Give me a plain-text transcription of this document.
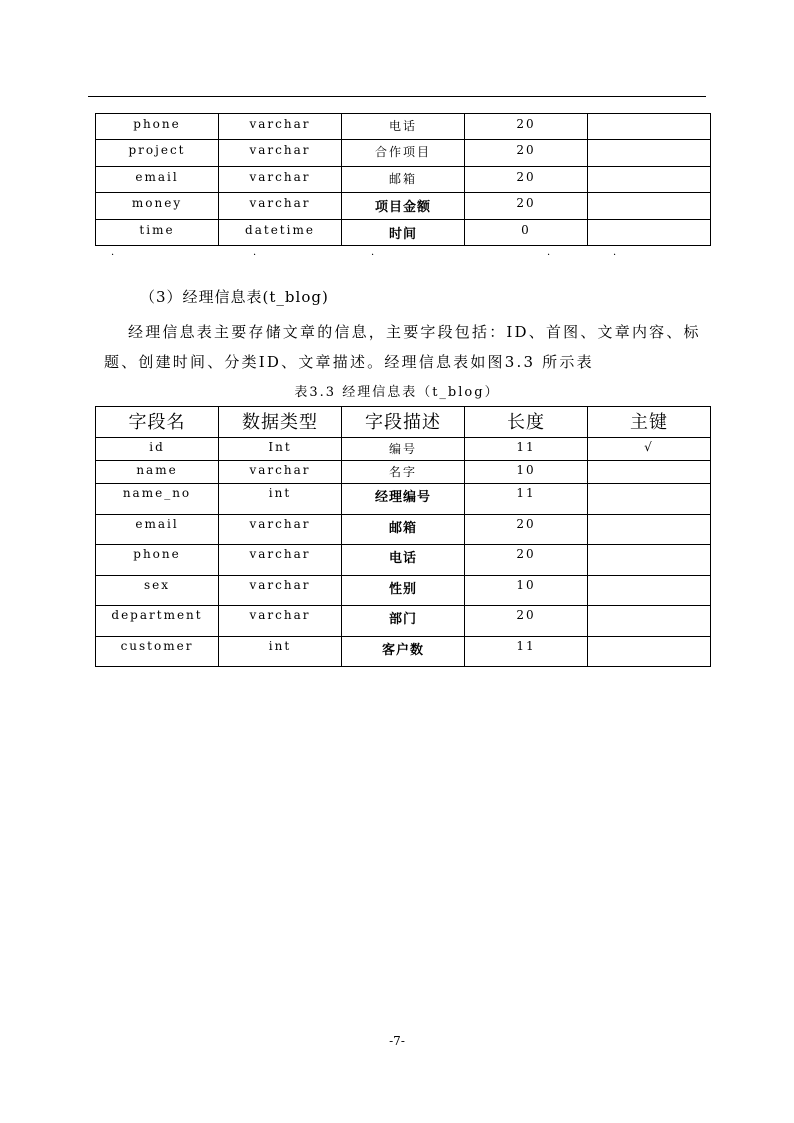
phone	varchar	电话	20	
project	varchar	合作项目	20	
email	varchar	邮箱	20	
money	varchar	项目金额	20	
time	datetime	时间	0	
·	·	·	·	·
（3）经理信息表(t_blog)
经理信息表主要存储文章的信息，主要字段包括：ID、首图、文章内容、标题、创建时间、分类ID、文章描述。经理信息表如图3.3 所示表
表3.3 经理信息表（t_blog）
字段名	数据类型	字段描述	长度	主键
id	Int	编号	11	√
name	varchar	名字	10	
name_no	int	经理编号	11	
email	varchar	邮箱	20	
phone	varchar	电话	20	
sex	varchar	性别	10	
department	varchar	部门	20	
customer	int	客户数	11	
-7-
